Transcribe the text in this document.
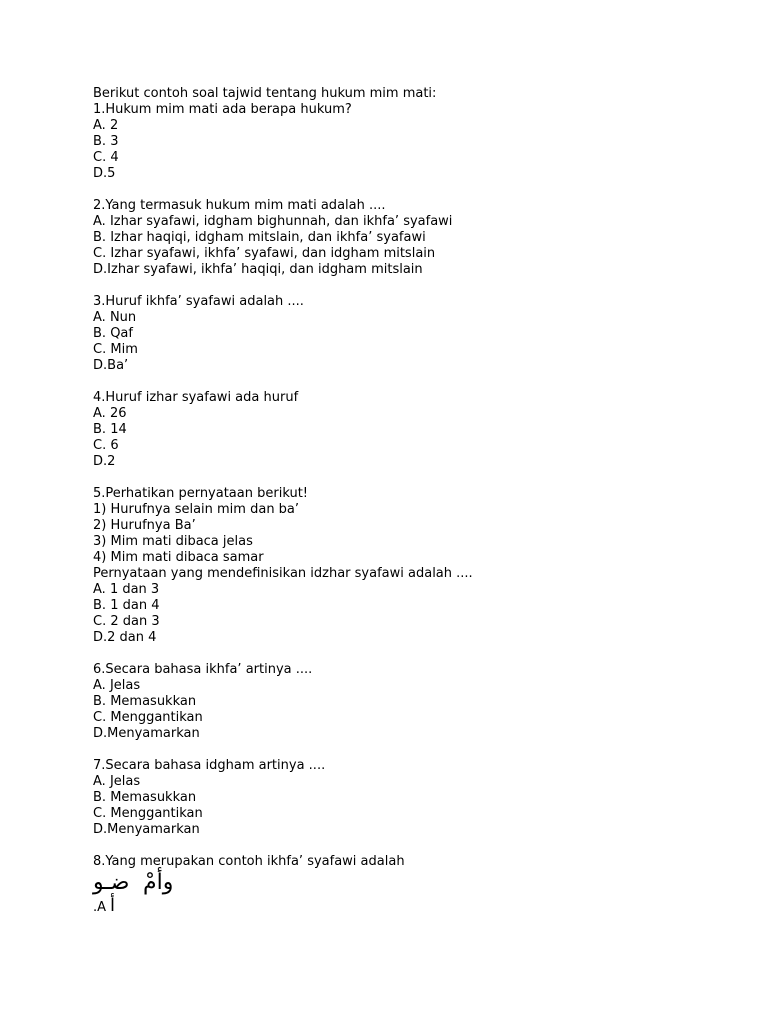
Berikut contoh soal tajwid tentang hukum mim mati:
1.Hukum mim mati ada berapa hukum?
A. 2
B. 3
C. 4
D.5
2.Yang termasuk hukum mim mati adalah ....
A. Izhar syafawi, idgham bighunnah, dan ikhfa’ syafawi
B. Izhar haqiqi, idgham mitslain, dan ikhfa’ syafawi
C. Izhar syafawi, ikhfa’ syafawi, dan idgham mitslain
D.Izhar syafawi, ikhfa’ haqiqi, dan idgham mitslain
3.Huruf ikhfa’ syafawi adalah ....
A. Nun
B. Qaf
C. Mim
D.Ba’
4.Huruf izhar syafawi ada huruf
A. 26
B. 14
C. 6
D.2
5.Perhatikan pernyataan berikut!
1) Hurufnya selain mim dan ba’
2) Hurufnya Ba’
3) Mim mati dibaca jelas
4) Mim mati dibaca samar
Pernyataan yang mendefinisikan idzhar syafawi adalah ....
A. 1 dan 3
B. 1 dan 4
C. 2 dan 3
D.2 dan 4
6.Secara bahasa ikhfa’ artinya ....
A. Jelas
B. Memasukkan
C. Menggantikan
D.Menyamarkan
7.Secara bahasa idgham artinya ....
A. Jelas
B. Memasukkan
C. Menggantikan
D.Menyamarkan
8.Yang merupakan contoh ikhfa’ syafawi adalah
ضـو وأمْ
.A أ
